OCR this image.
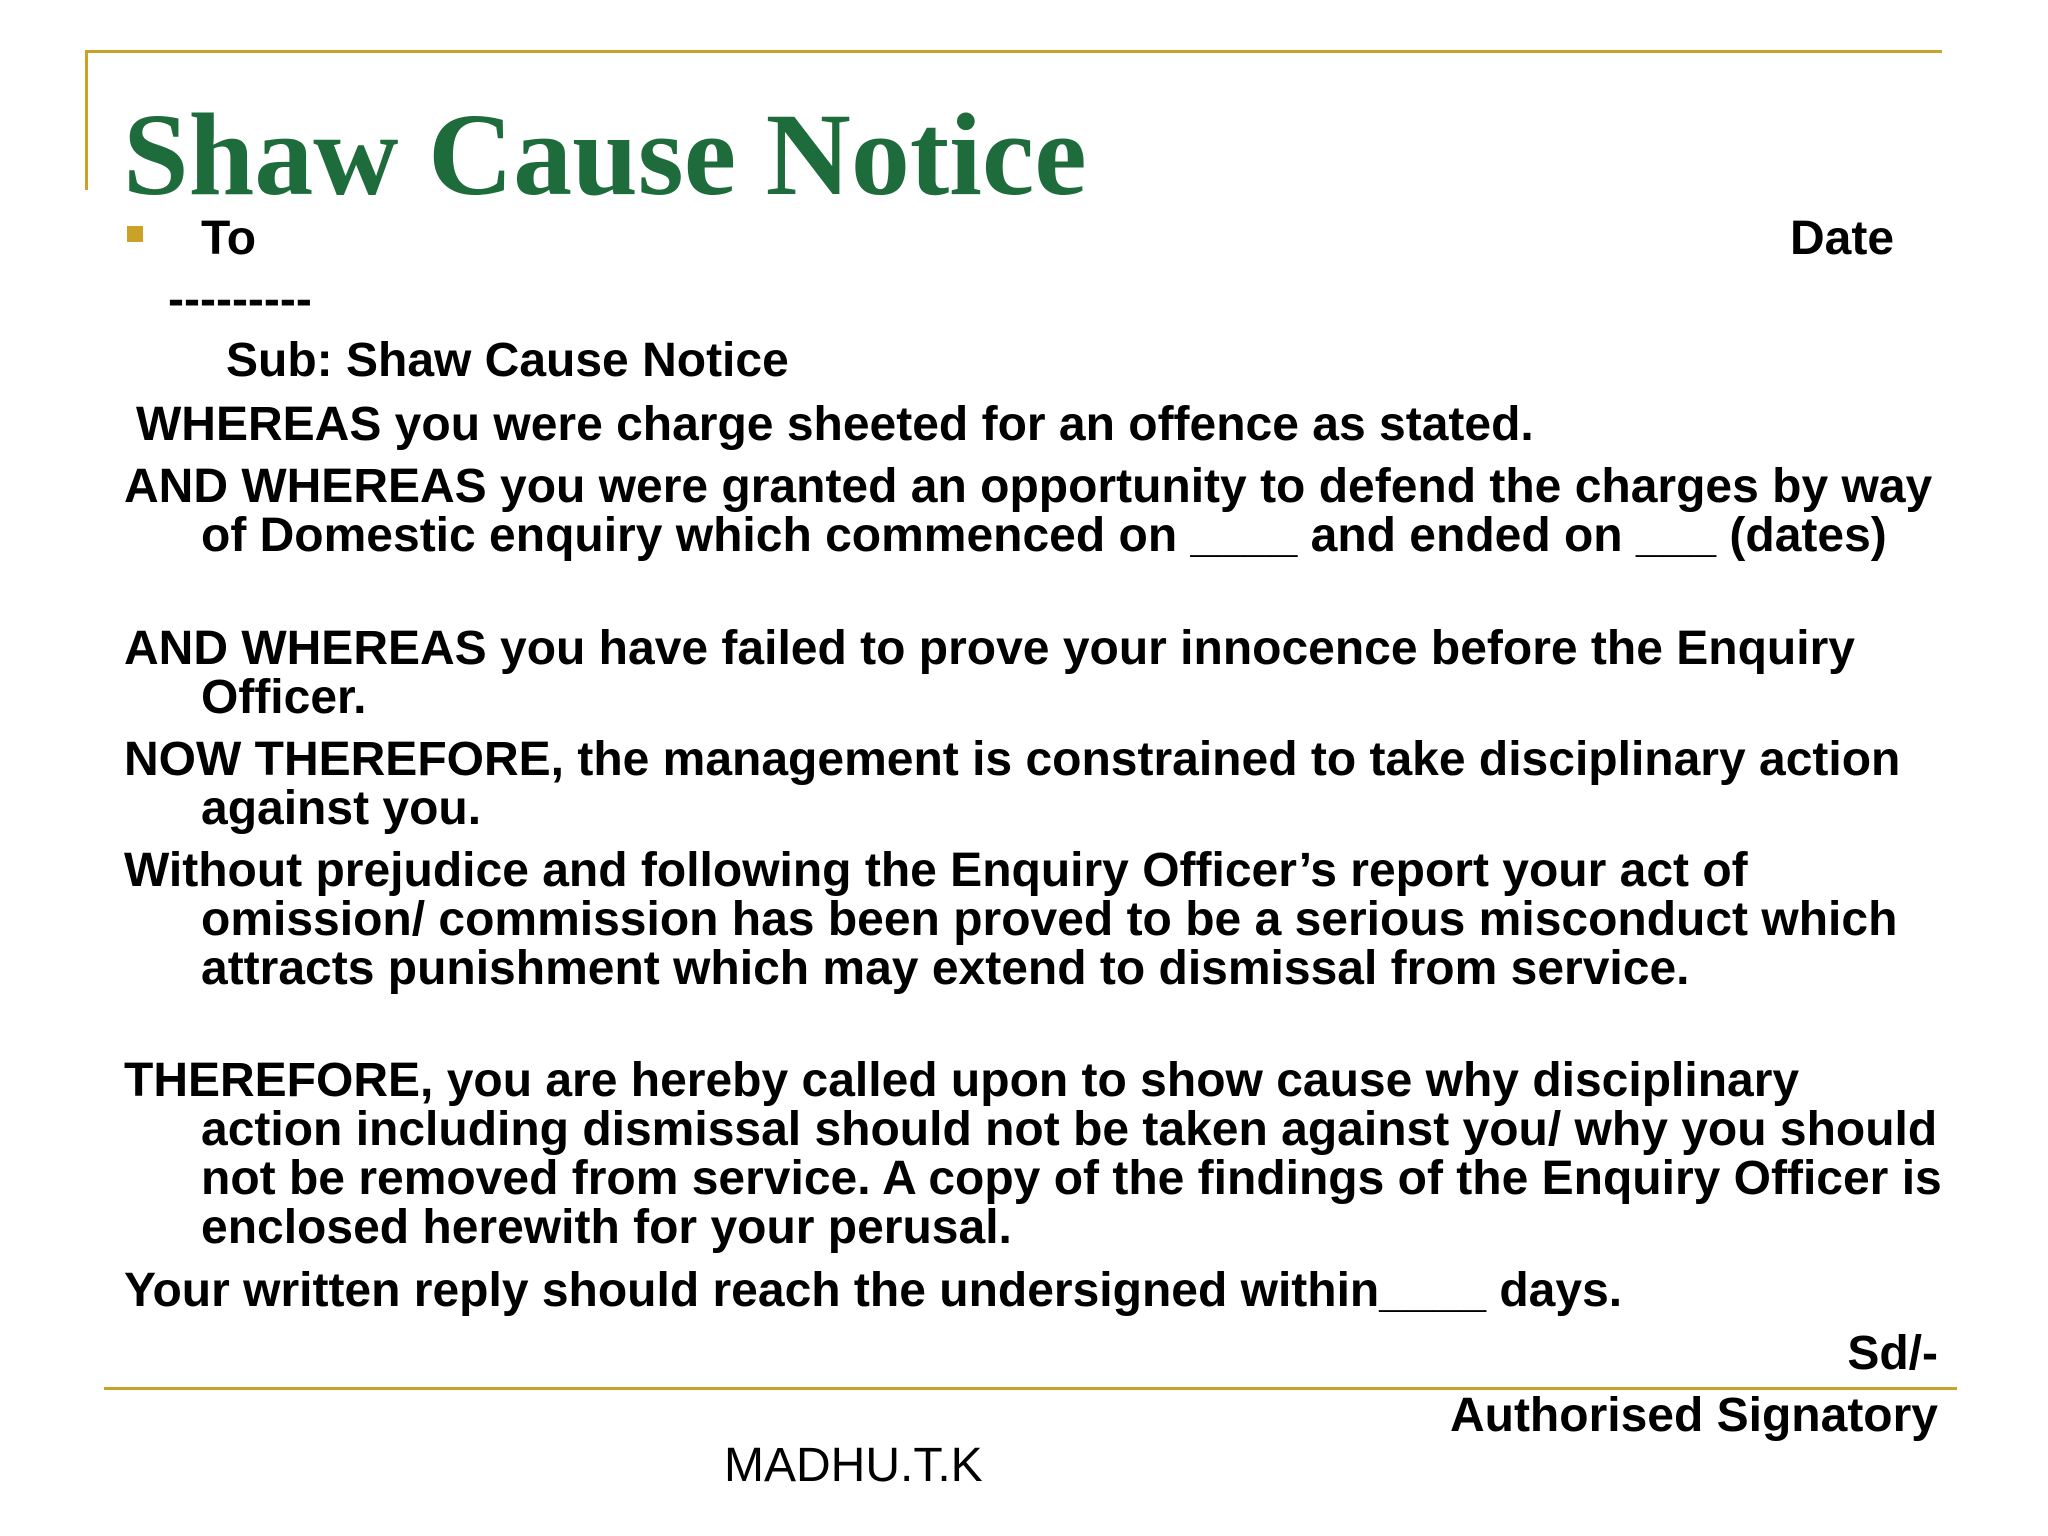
Shaw Cause Notice
To	Date
---------
Sub: Shaw Cause Notice
WHEREAS you were charge sheeted for an offence as stated.
AND WHEREAS you were granted an opportunity to defend the charges by way of Domestic enquiry which commenced on ____ and ended on ___ (dates)
AND WHEREAS you have failed to prove your innocence before the Enquiry Officer.
NOW THEREFORE, the management is constrained to take disciplinary action against you.
Without prejudice and following the Enquiry Officer’s report your act of omission/ commission has been proved to be a serious misconduct which attracts punishment which may extend to dismissal from service.
THEREFORE, you are hereby called upon to show cause why disciplinary action including dismissal should not be taken against you/ why you should not be removed from service. A copy of the findings of the Enquiry Officer is enclosed herewith for your perusal.
Your written reply should reach the undersigned within____ days.
Sd/-
Authorised Signatory
MADHU.T.K
